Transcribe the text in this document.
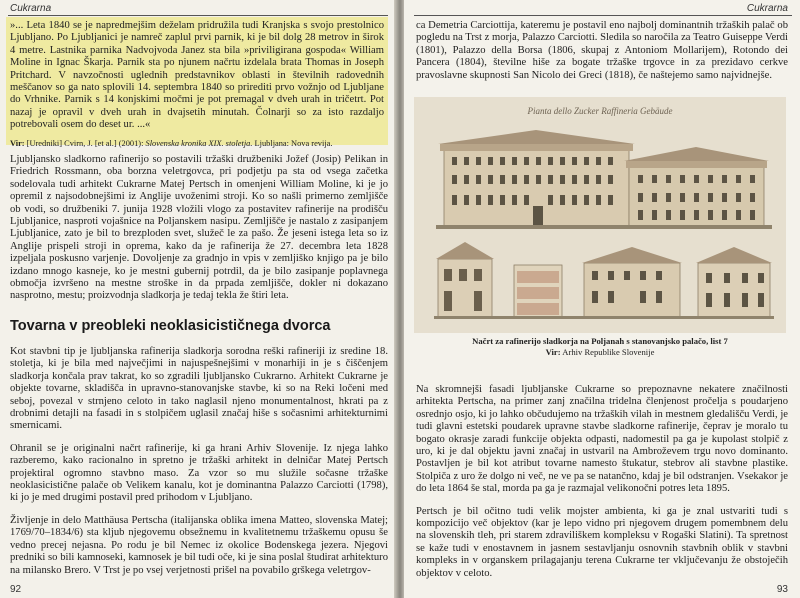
Cukrarna

»... Leta 1840 se je napredmejšim deželam pridružila tudi Kranjska s svojo prestolnico Ljubljano. Po Ljubljanici je namreč zaplul prvi parnik, ki je bil dolg 28 metrov in širok 4 metre. Lastnika parnika Nadvojvoda Janez sta bila »priviligirana gospoda« William Moline in Ignac Škarja. Parnik sta po njunem načrtu izdelala brata Thomas in Joseph Pritchard. V navzočnosti uglednih predstavnikov oblasti in številnih radovednih meščanov so ga nato splovili 14. septembra 1840 so prirediti prvo vožnjo od Ljubljane do Vrhnike. Parnik s 14 konjskimi močmi je pot premagal v dveh urah in tričetrt. Pot nazaj je opravil v dveh urah in dvajsetih minutah. Čolnarji so za isto razdaljo potrebovali osem do deset ur. ...«

Vir: [Uredniki] Cvirn, J. [et al.] (2001): Slovenska kronika XIX. stoletja. Ljubljana: Nova revija.

Ljubljansko sladkorno rafinerijo so postavili tržaški družbeniki Jožef (Josip) Pelikan in Friedrich Rossmann, oba borzna veletrgovca, pri podjetju pa sta od vsega začetka sodelovala tudi arhitekt Cukrarne Matej Pertsch in omenjeni William Moline, ki je jo opremil z najsodobnejšimi iz Anglije uvoženimi stroji. Ko so našli primerno zemljišče ob vodi, so družbeniki 7. junija 1928 vložili vlogo za postavitev rafinerije na prodišču Ljubljanice, nasproti vojašnice na Poljanskem nasipu. Zemljišče je nastalo z zasipanjem Ljubljanice, zato je bil to brezploden svet, služeč le za pašo. Že jeseni istega leta so iz Anglije prispeli stroji in oprema, kako da je rafinerija že 27. decembra leta 1828 izpeljala poskusno varjenje. Dovoljenje za gradnjo in vpis v zemljiško knjigo pa je bilo izdano mnogo kasneje, ko je mestni gubernij potrdil, da je bilo zasipanje poplavnega območja izvršeno na mestne stroške in da prpada zemljišče, dokler ni dokazano nasprotno, mestu; proizvodnja sladkorja je tedaj tekla že štiri leta.

Tovarna v preobleki neoklasicističnega dvorca

Kot stavbni tip je ljubljanska rafinerija sladkorja sorodna reški rafineriji iz sredine 18. stoletja, ki je bila med največjimi in najuspešnejšimi v monarhiji in je s čiščenjem sladkorja končala prav takrat, ko so zgradili ljubljansko Cukrarno. Arhitekt Cukrarne je objekte tovarne, skladišča in upravno-stanovanjske stavbe, ki so na Reki ločeni med seboj, povezal v strnjeno celoto in tako naglasil njeno monumentalnost, hkrati pa z drobnimi detajli na fasadi in s stolpičem uglasil značaj hiše s sočasnimi arhitekturnimi smernicami.

Ohranil se je originalni načrt rafinerije, ki ga hrani Arhiv Slovenije. Iz njega lahko razberemo, kako racionalno in spretno je tržaški arhitekt in delničar Matej Pertsch projektiral ogromno stavbno maso. Za vzor so mu služile sočasne tržaške neoklasicistične palače ob Velikem kanalu, kot je dominantna Palazzo Carciotti (1798), ki jo je med drugimi postavil pred prihodom v Ljubljano.

Življenje in delo Matthäusa Pertscha (italijanska oblika imena Matteo, slovenska Matej; 1769/70–1834/6) sta kljub njegovemu obsežnemu in kvalitetnemu tržaškemu opusu še vedno precej nejasna. Po rodu je bil Nemec iz okolice Bodenskega jezera. Njegovi predniki so bili kamnoseki, kamnosek je bil tudi oče, ki je sina poslal študirat arhitekturo na milansko Brero. V Trst je po vsej verjetnosti prišel na povabilo grškega veletrgov-

92
Cukrarna

ca Demetria Carciottija, kateremu je postavil eno najbolj dominantnih tržaških palač ob pogledu na Trst z morja, Palazzo Carciotti. Sledila so naročila za Teatro Guiseppe Verdi (1801), Palazzo della Borsa (1806, skupaj z Antoniom Mollarijem), Rotondo dei Pancera (1804), številne hiše za bogate tržaške trgovce in za prezidavo cerkve pravoslavne skupnosti San Nicolo dei Greci (1818), če naštejemo samo najvidnejše.

Pianta dello Zucker Raffineria Gebäude
Načrt za rafinerijo sladkorja na Poljanah s stanovanjsko palačo, list 7
Vir: Arhiv Republike Slovenije

Na skromnejši fasadi ljubljanske Cukrarne so prepoznavne nekatere značilnosti arhitekta Pertscha, na primer zanj značilna tridelna členjenost pročelja s poudarjeno osrednjo osjo, ki jo lahko občudujemo na tržaških vilah in mestnem gledališču Verdi, je tudi glavni estetski poudarek upravne stavbe sladkorne rafinerije, čeprav je moralo tu bogato okrasje zaradi funkcije objekta odpasti, nadomestil pa ga je kupolast stolpič z uro, ki je dal objektu javni značaj in ustvaril na Ambroževem trgu novo dominanto. Postavljen je bil kot atribut tovarne namesto štukatur, stebrov ali stavbne plastike. Stolpiča z uro že dolgo ni več, ne ve pa se natančno, kdaj je bil odstranjen. Vsekakor je do leta 1864 še stal, morda pa ga je razmajal velikonočni potres leta 1895.

Pertsch je bil očitno tudi velik mojster ambienta, ki ga je znal ustvariti tudi s kompozicijo več objektov (kar je lepo vidno pri njegovem drugem pomembnem delu na slovenskih tleh, pri starem zdraviliškem kompleksu v Rogaški Slatini). Ta spretnost se kaže tudi v enostavnem in jasnem sestavljanju osnovnih stavbnih oblik v stavbni kompleks in v organskem prilagajanju terena Cukrarne ter vključevanju že obstoječih objektov v celoto.

93
